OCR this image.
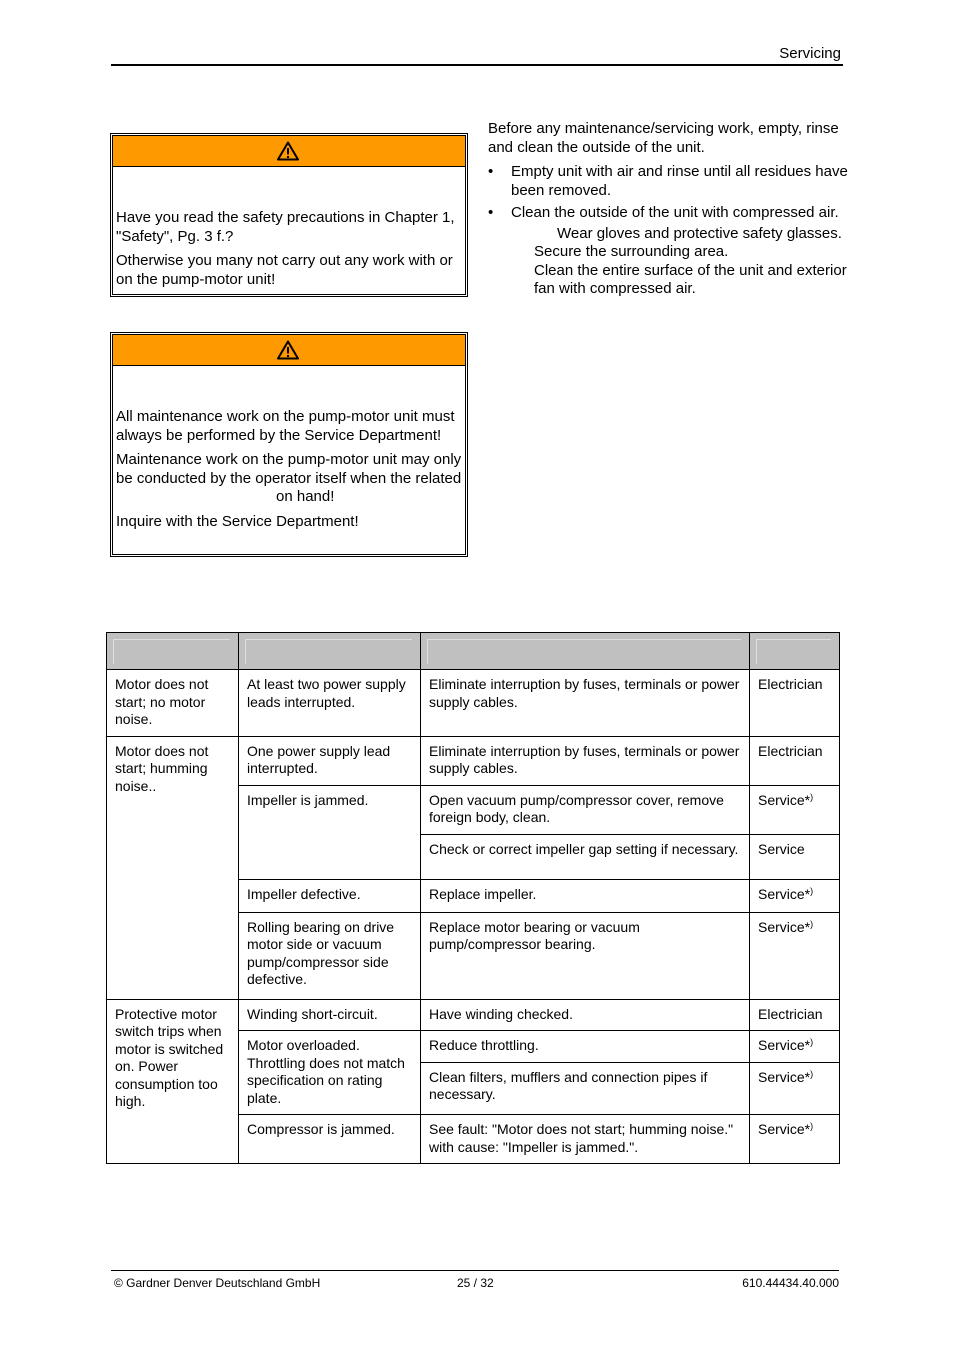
Servicing

Have you read the safety precautions in Chapter 1, "Safety", Pg. 3 f.?

Otherwise you many not carry out any work with or on the pump-motor unit!

All maintenance work on the pump-motor unit must always be performed by the Service Department!

Maintenance work on the pump-motor unit may only be conducted by the operator itself when the relatedon hand!

Inquire with the Service Department!

Before any maintenance/servicing work, empty, rinse and clean the outside of the unit.

• Empty unit with air and rinse until all residues have been removed.
• Clean the outside of the unit with compressed air.
Wear gloves and protective safety glasses.
Secure the surrounding area.
Clean the entire surface of the unit and exterior fan with compressed air.

Motor does not start; no motor noise.	At least two power supply leads interrupted.	Eliminate interruption by fuses, terminals or power supply cables.	Electrician
Motor does not start; humming noise..	One power supply lead interrupted.	Eliminate interruption by fuses, terminals or power supply cables.	Electrician
	Impeller is jammed.	Open vacuum pump/compressor cover, remove foreign body, clean.	Service*)
		Check or correct impeller gap setting if necessary.	Service
	Impeller defective.	Replace impeller.	Service*)
	Rolling bearing on drive motor side or vacuum pump/compressor side defective.	Replace motor bearing or vacuum pump/compressor bearing.	Service*)
Protective motor switch trips when motor is switched on. Power consumption too high.	Winding short-circuit.	Have winding checked.	Electrician
	Motor overloaded. Throttling does not match specification on rating plate.	Reduce throttling.	Service*)
		Clean filters, mufflers and connection pipes if necessary.	Service*)
	Compressor is jammed.	See fault: "Motor does not start; humming noise." with cause: "Impeller is jammed.".	Service*)
© Gardner Denver Deutschland GmbH	25 / 32	610.44434.40.000
